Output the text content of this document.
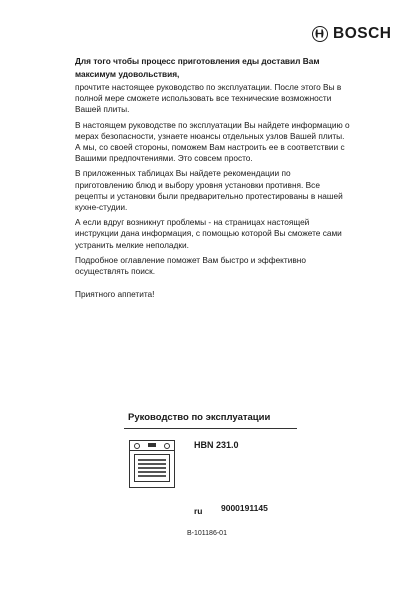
BOSCH
Для того чтобы процесс приготовления еды доставил Вам максимум удовольствия,
прочтите настоящее руководство по эксплуатации. После этого Вы в полной мере сможете использовать все технические возможности Вашей плиты.
В настоящем руководстве по эксплуатации Вы найдете информацию о мерах безопасности, узнаете нюансы отдельных узлов Вашей плиты. А мы, со своей стороны, поможем Вам настроить ее в соответствии с Вашими предпочтениями. Это совсем просто.
В приложенных таблицах Вы найдете рекомендации по приготовлению блюд и выбору уровня установки противня. Все рецепты и установки были предварительно протестированы в нашей кухне-студии.
А если вдруг возникнут проблемы - на страницах настоящей инструкции дана информация, с помощью которой Вы сможете сами устранить мелкие неполадки.
Подробное оглавление поможет Вам быстро и эффективно осуществлять поиск.
Приятного аппетита!
Руководство по эксплуатации
HBN 231.0
ru 9000191145
B-101186-01
